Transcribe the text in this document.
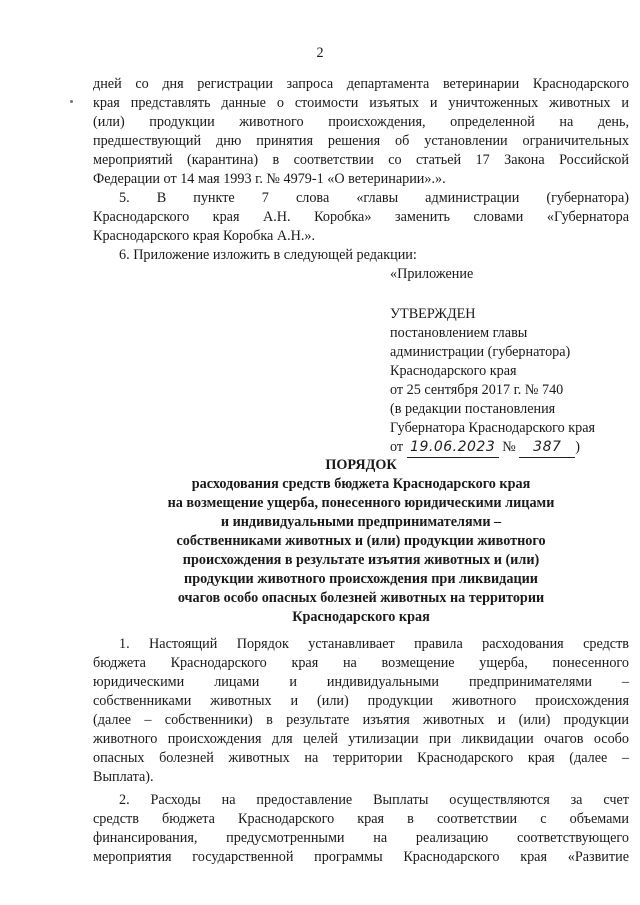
2
дней со дня регистрации запроса департамента ветеринарии Краснодарского
края представлять данные о стоимости изъятых и уничтоженных животных и
(или) продукции животного происхождения, определенной на день,
предшествующий дню принятия решения об установлении ограничительных
мероприятий (карантина) в соответствии со статьей 17 Закона Российской
Федерации от 14 мая 1993 г. № 4979-1 «О ветеринарии».».
5. В пункте 7 слова «главы администрации (губернатора)
Краснодарского края А.Н. Коробка» заменить словами «Губернатора
Краснодарского края Коробка А.Н.».
6. Приложение изложить в следующей редакции:
«Приложение
УТВЕРЖДЕН
постановлением главы
администрации (губернатора)
Краснодарского края
от 25 сентября 2017 г. № 740
(в редакции постановления
Губернатора Краснодарского края
от 19.06.2023 № 387 )
ПОРЯДОК
расходования средств бюджета Краснодарского края
на возмещение ущерба, понесенного юридическими лицами
и индивидуальными предпринимателями –
собственниками животных и (или) продукции животного
происхождения в результате изъятия животных и (или)
продукции животного происхождения при ликвидации
очагов особо опасных болезней животных на территории
Краснодарского края
1. Настоящий Порядок устанавливает правила расходования средств
бюджета Краснодарского края на возмещение ущерба, понесенного
юридическими лицами и индивидуальными предпринимателями –
собственниками животных и (или) продукции животного происхождения
(далее – собственники) в результате изъятия животных и (или) продукции
животного происхождения для целей утилизации при ликвидации очагов особо
опасных болезней животных на территории Краснодарского края (далее –
Выплата).
2. Расходы на предоставление Выплаты осуществляются за счет
средств бюджета Краснодарского края в соответствии с объемами
финансирования, предусмотренными на реализацию соответствующего
мероприятия государственной программы Краснодарского края «Развитие
